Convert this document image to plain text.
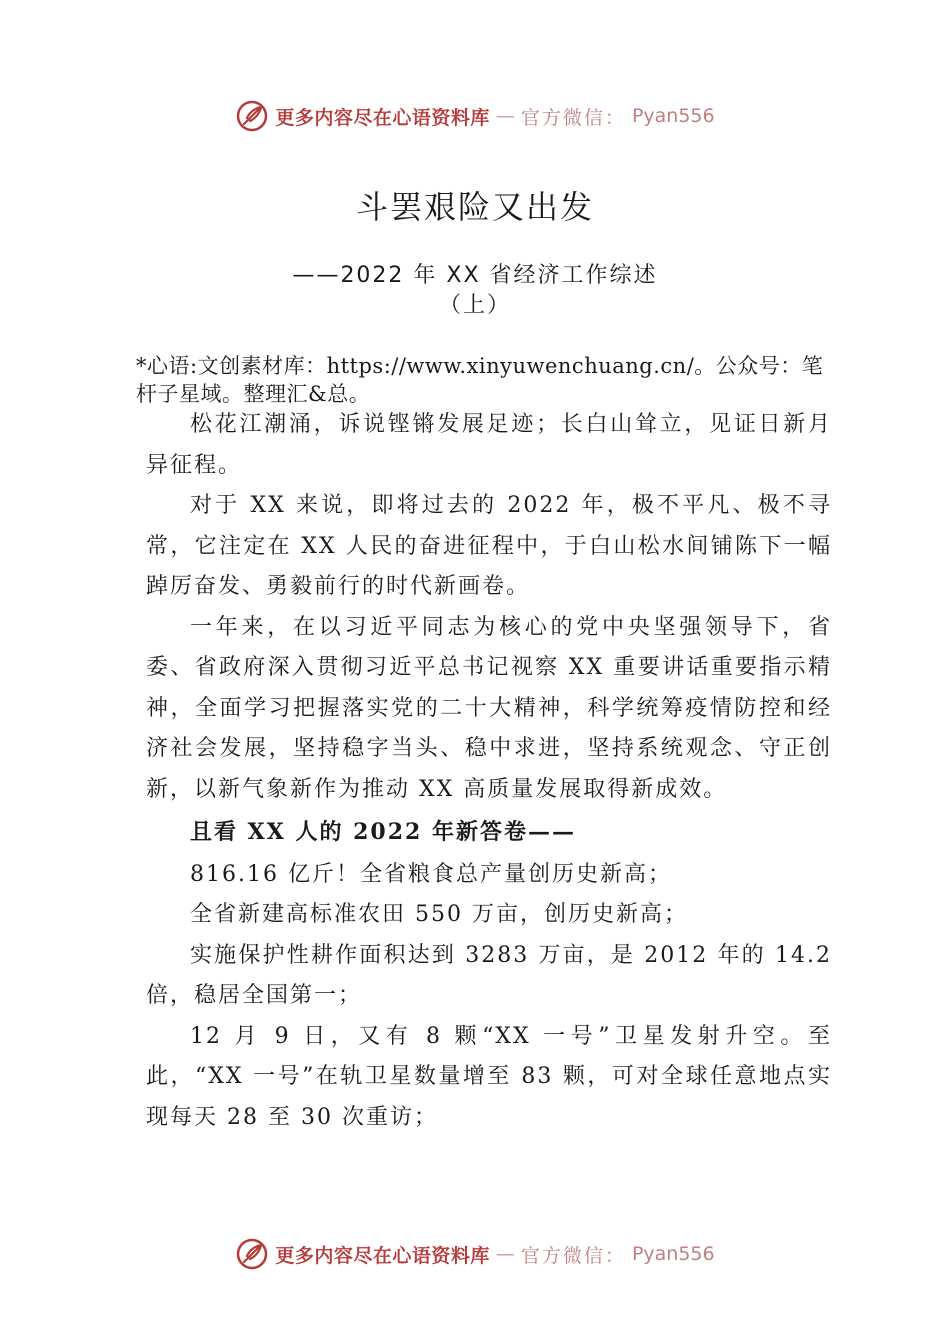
更多内容尽在心语资料库 — 官方微信： Pyan556
斗罢艰险又出发
——2022 年 XX 省经济工作综述
（上）
*心语:文创素材库：https://www.xinyuwenchuang.cn/。公众号：笔杆子星域。整理汇&总。

松花江潮涌，诉说铿锵发展足迹；长白山耸立，见证日新月异征程。

对于 XX 来说，即将过去的 2022 年，极不平凡、极不寻常，它注定在 XX 人民的奋进征程中，于白山松水间铺陈下一幅踔厉奋发、勇毅前行的时代新画卷。

一年来，在以习近平同志为核心的党中央坚强领导下，省委、省政府深入贯彻习近平总书记视察 XX 重要讲话重要指示精神，全面学习把握落实党的二十大精神，科学统筹疫情防控和经济社会发展，坚持稳字当头、稳中求进，坚持系统观念、守正创新，以新气象新作为推动 XX 高质量发展取得新成效。

且看 XX 人的 2022 年新答卷——

816.16 亿斤！全省粮食总产量创历史新高；

全省新建高标准农田 550 万亩，创历史新高；

实施保护性耕作面积达到 3283 万亩，是 2012 年的 14.2 倍，稳居全国第一；

12 月 9 日，又有 8 颗“XX 一号”卫星发射升空。至此，“XX 一号”在轨卫星数量增至 83 颗，可对全球任意地点实现每天 28 至 30 次重访；

更多内容尽在心语资料库 — 官方微信： Pyan556
